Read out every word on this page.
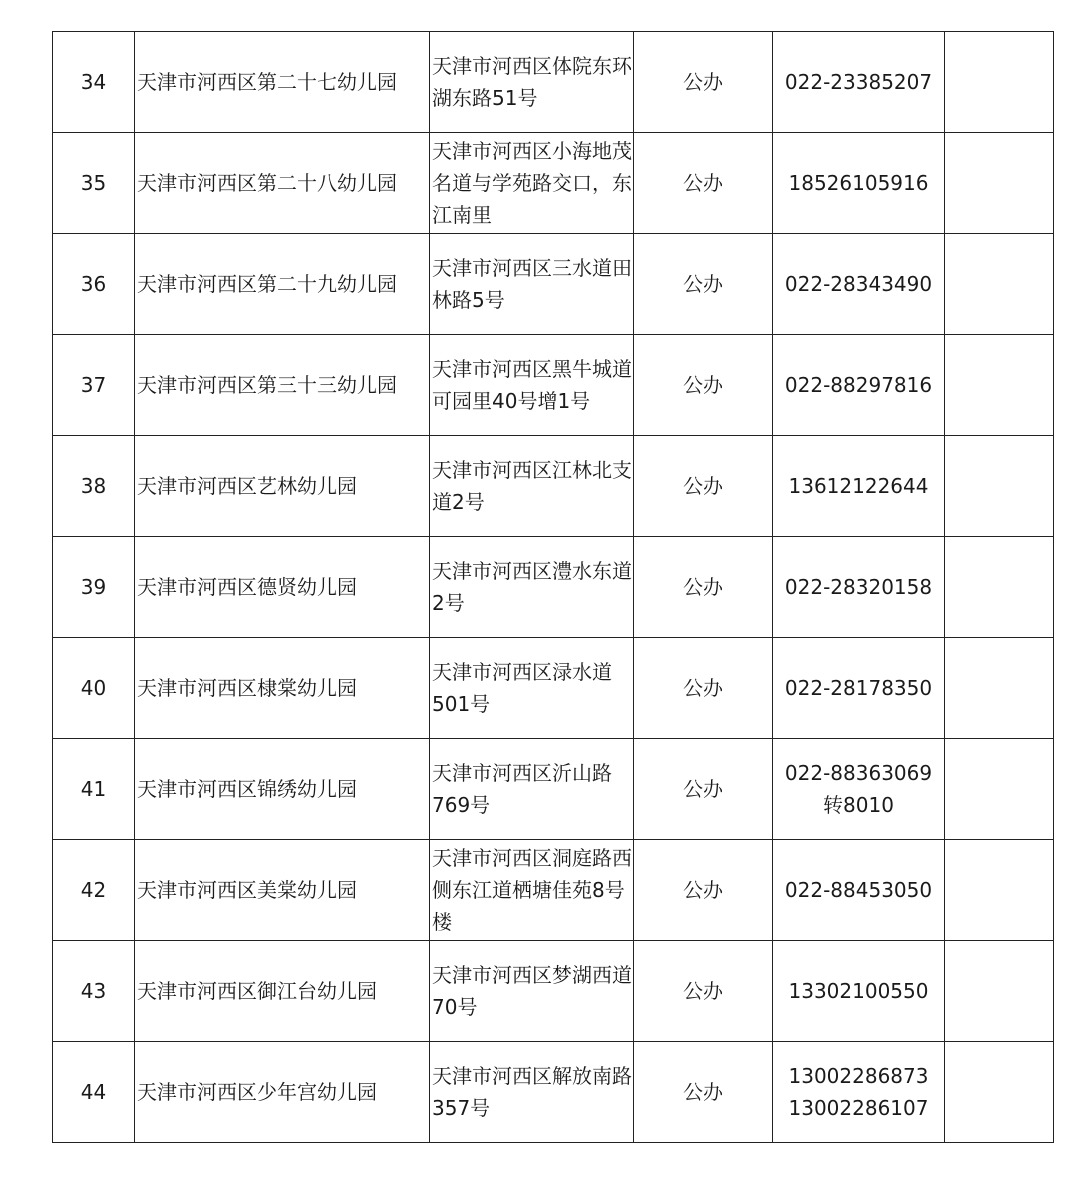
34	天津市河西区第二十七幼儿园	天津市河西区体院东环湖东路51号	公办	022-23385207	

35	天津市河西区第二十八幼儿园	天津市河西区小海地茂名道与学苑路交口，东江南里	公办	18526105916	

36	天津市河西区第二十九幼儿园	天津市河西区三水道田林路5号	公办	022-28343490	

37	天津市河西区第三十三幼儿园	天津市河西区黑牛城道可园里40号增1号	公办	022-88297816	

38	天津市河西区艺林幼儿园	天津市河西区江林北支道2号	公办	13612122644	

39	天津市河西区德贤幼儿园	天津市河西区澧水东道2号	公办	022-28320158	

40	天津市河西区棣棠幼儿园	天津市河西区渌水道501号	公办	022-28178350	

41	天津市河西区锦绣幼儿园	天津市河西区沂山路769号	公办	022-88363069
转8010	

42	天津市河西区美棠幼儿园	天津市河西区洞庭路西侧东江道栖塘佳苑8号楼	公办	022-88453050	

43	天津市河西区御江台幼儿园	天津市河西区梦湖西道70号	公办	13302100550	

44	天津市河西区少年宫幼儿园	天津市河西区解放南路357号	公办	13002286873
13002286107	
